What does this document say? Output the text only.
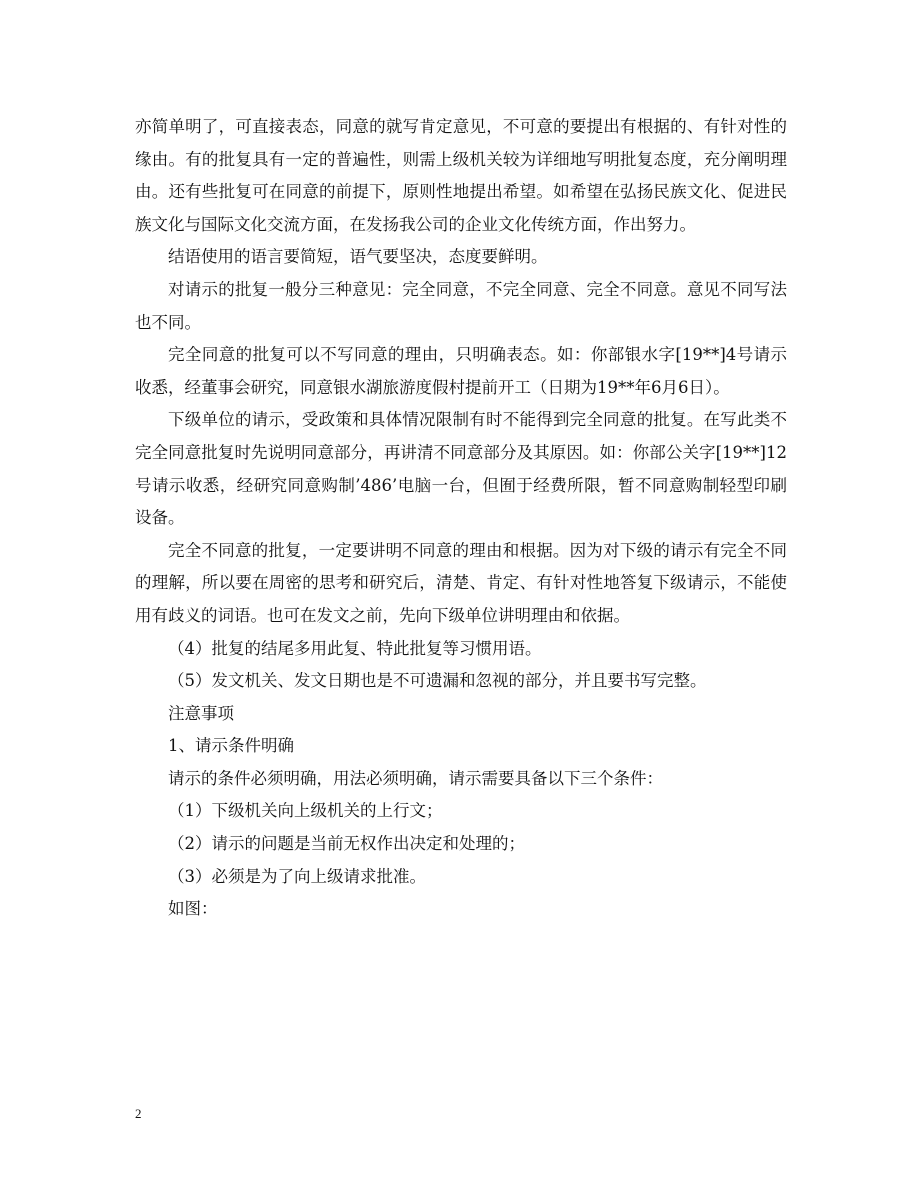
亦简单明了，可直接表态，同意的就写肯定意见，不可意的要提出有根据的、有针对性的缘由。有的批复具有一定的普遍性，则需上级机关较为详细地写明批复态度，充分阐明理由。还有些批复可在同意的前提下，原则性地提出希望。如希望在弘扬民族文化、促进民族文化与国际文化交流方面，在发扬我公司的企业文化传统方面，作出努力。

结语使用的语言要简短，语气要坚决，态度要鲜明。

对请示的批复一般分三种意见：完全同意，不完全同意、完全不同意。意见不同写法也不同。

完全同意的批复可以不写同意的理由，只明确表态。如：你部银水字[19**]4号请示收悉，经董事会研究，同意银水湖旅游度假村提前开工（日期为19**年6月6日）。

下级单位的请示，受政策和具体情况限制有时不能得到完全同意的批复。在写此类不完全同意批复时先说明同意部分，再讲清不同意部分及其原因。如：你部公关字[19**]12号请示收悉，经研究同意购制’486’电脑一台，但囿于经费所限，暂不同意购制轻型印刷设备。

完全不同意的批复，一定要讲明不同意的理由和根据。因为对下级的请示有完全不同的理解，所以要在周密的思考和研究后，清楚、肯定、有针对性地答复下级请示，不能使用有歧义的词语。也可在发文之前，先向下级单位讲明理由和依据。

（4）批复的结尾多用此复、特此批复等习惯用语。

（5）发文机关、发文日期也是不可遗漏和忽视的部分，并且要书写完整。

注意事项

1、请示条件明确

请示的条件必须明确，用法必须明确，请示需要具备以下三个条件：

（1）下级机关向上级机关的上行文；

（2）请示的问题是当前无权作出决定和处理的；

（3）必须是为了向上级请求批准。

如图：

2
